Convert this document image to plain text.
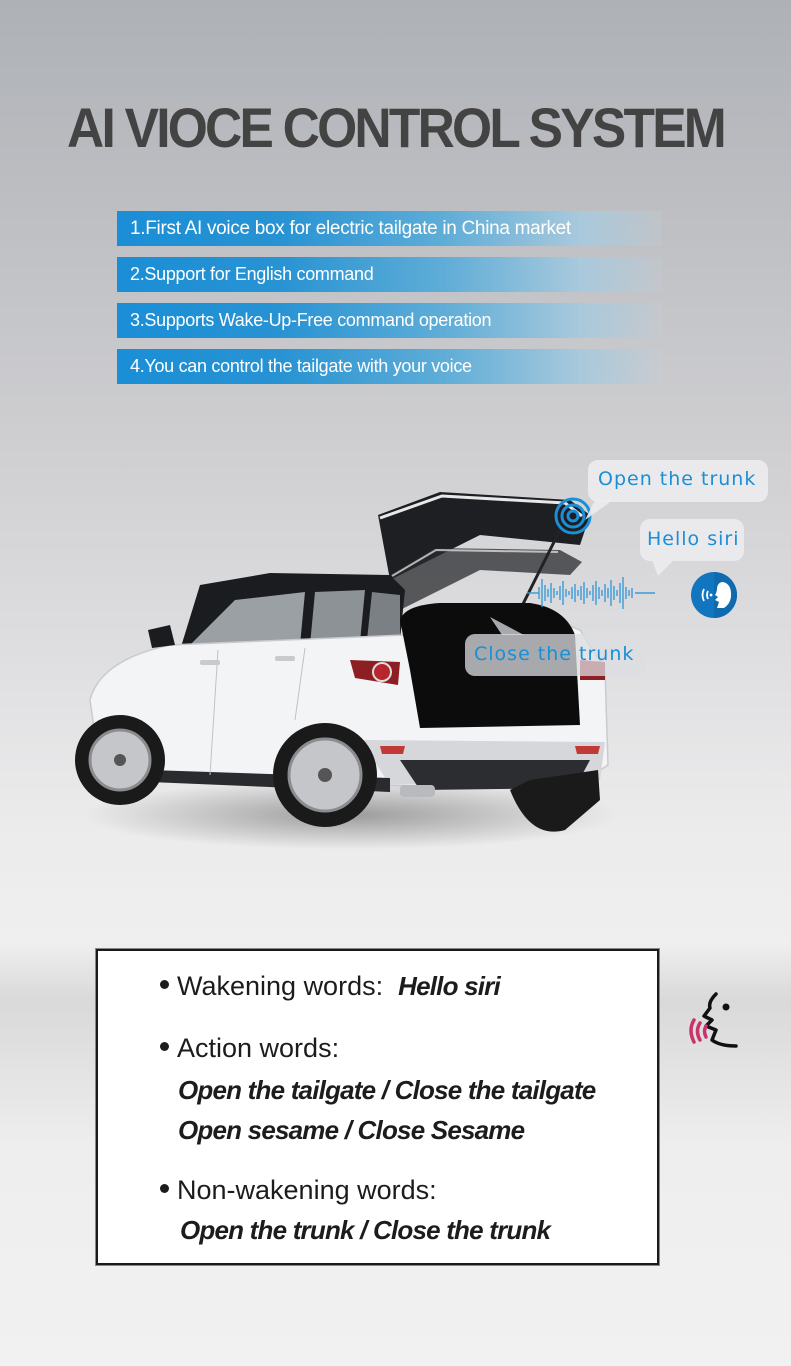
AI VIOCE CONTROL SYSTEM
1.First AI voice box for electric tailgate in China market
2.Support for English command
3.Supports Wake-Up-Free command operation
4.You can control the tailgate with your voice
Open the trunk
Hello siri
Close the trunk
Wakening words: Hello siri
Action words:
Open the tailgate / Close the tailgate
Open sesame / Close Sesame
Non-wakening words:
Open the trunk / Close the trunk
